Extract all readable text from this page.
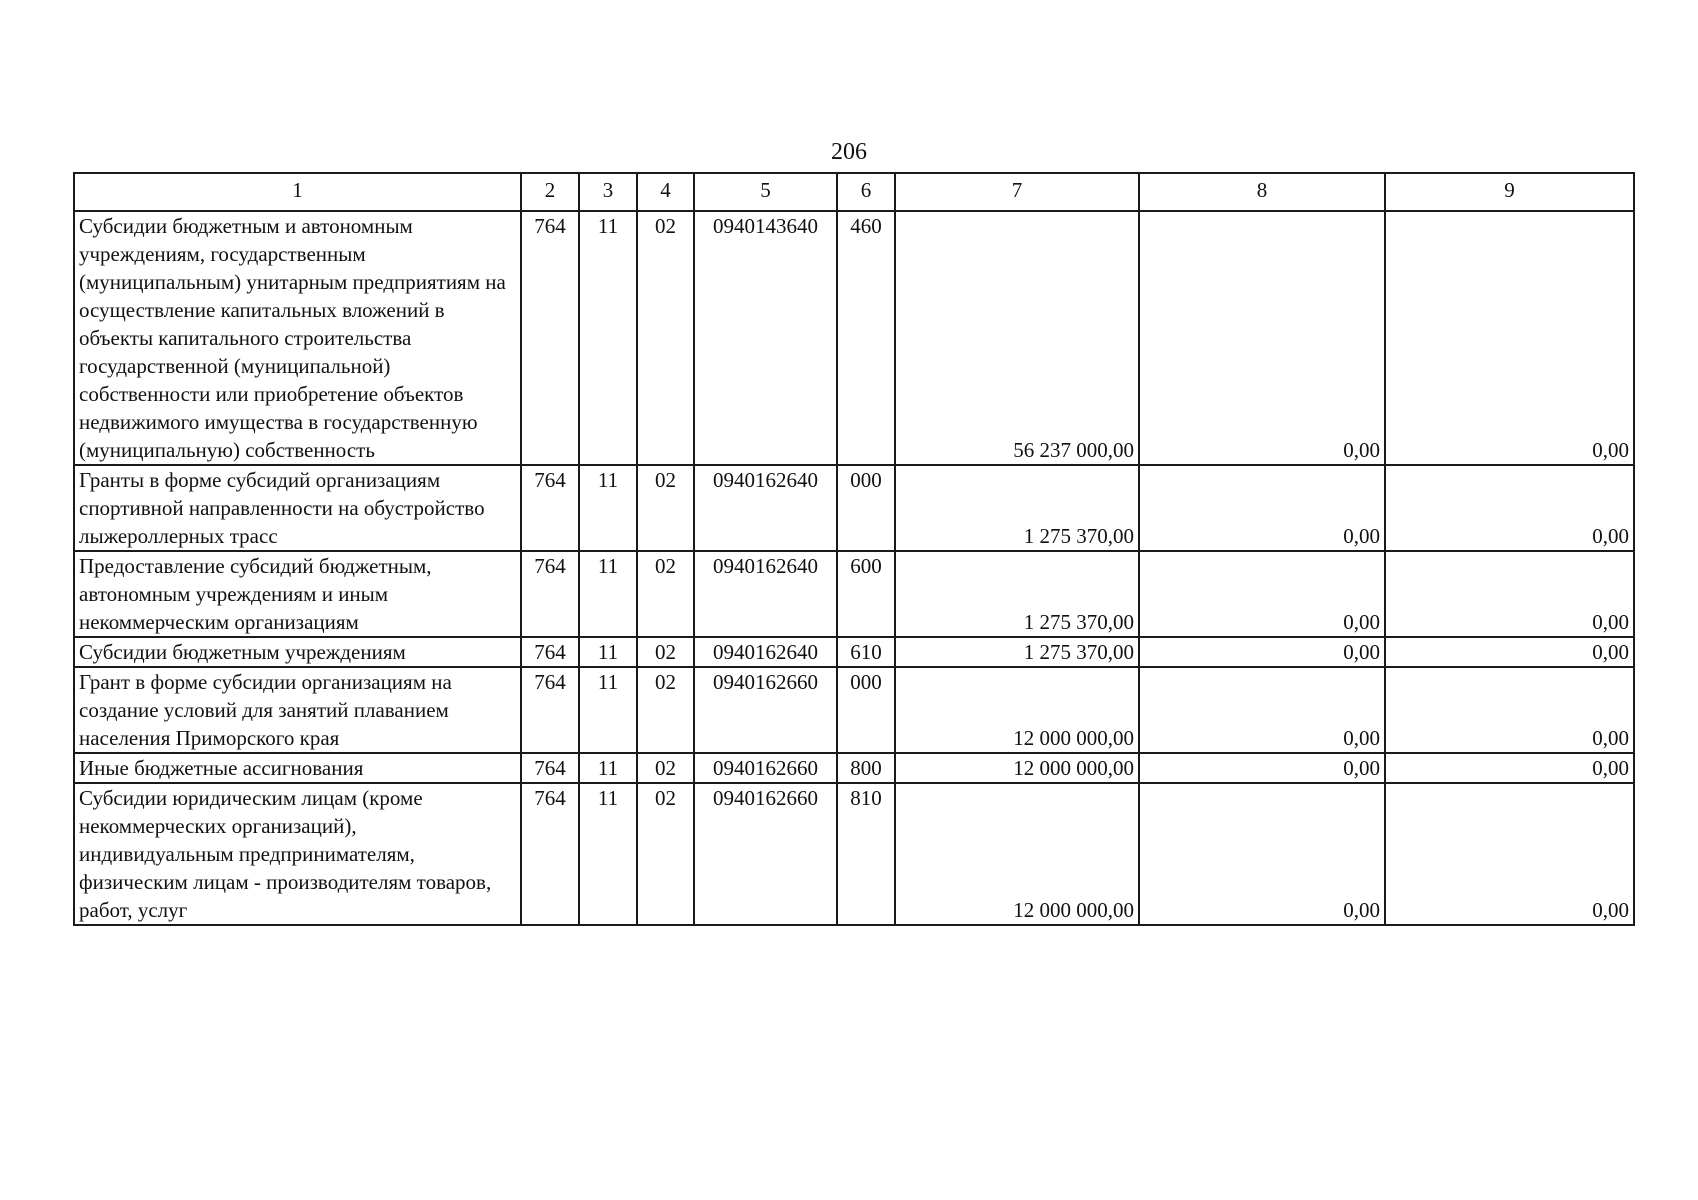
206
1	2	3	4	5	6	7	8	9
Субсидии бюджетным и автономным учреждениям, государственным (муниципальным) унитарным предприятиям на осуществление капитальных вложений в объекты капитального строительства государственной (муниципальной) собственности или приобретение объектов недвижимого имущества в государственную (муниципальную) собственность	764	11	02	0940143640	460	56 237 000,00	0,00	0,00
Гранты в форме субсидий организациям спортивной направленности на обустройство лыжероллерных трасс	764	11	02	0940162640	000	1 275 370,00	0,00	0,00
Предоставление субсидий бюджетным, автономным учреждениям и иным некоммерческим организациям	764	11	02	0940162640	600	1 275 370,00	0,00	0,00
Субсидии бюджетным учреждениям	764	11	02	0940162640	610	1 275 370,00	0,00	0,00
Грант в форме субсидии организациям на создание условий для занятий плаванием населения Приморского края	764	11	02	0940162660	000	12 000 000,00	0,00	0,00
Иные бюджетные ассигнования	764	11	02	0940162660	800	12 000 000,00	0,00	0,00
Субсидии юридическим лицам (кроме некоммерческих организаций), индивидуальным предпринимателям, физическим лицам - производителям товаров, работ, услуг	764	11	02	0940162660	810	12 000 000,00	0,00	0,00
